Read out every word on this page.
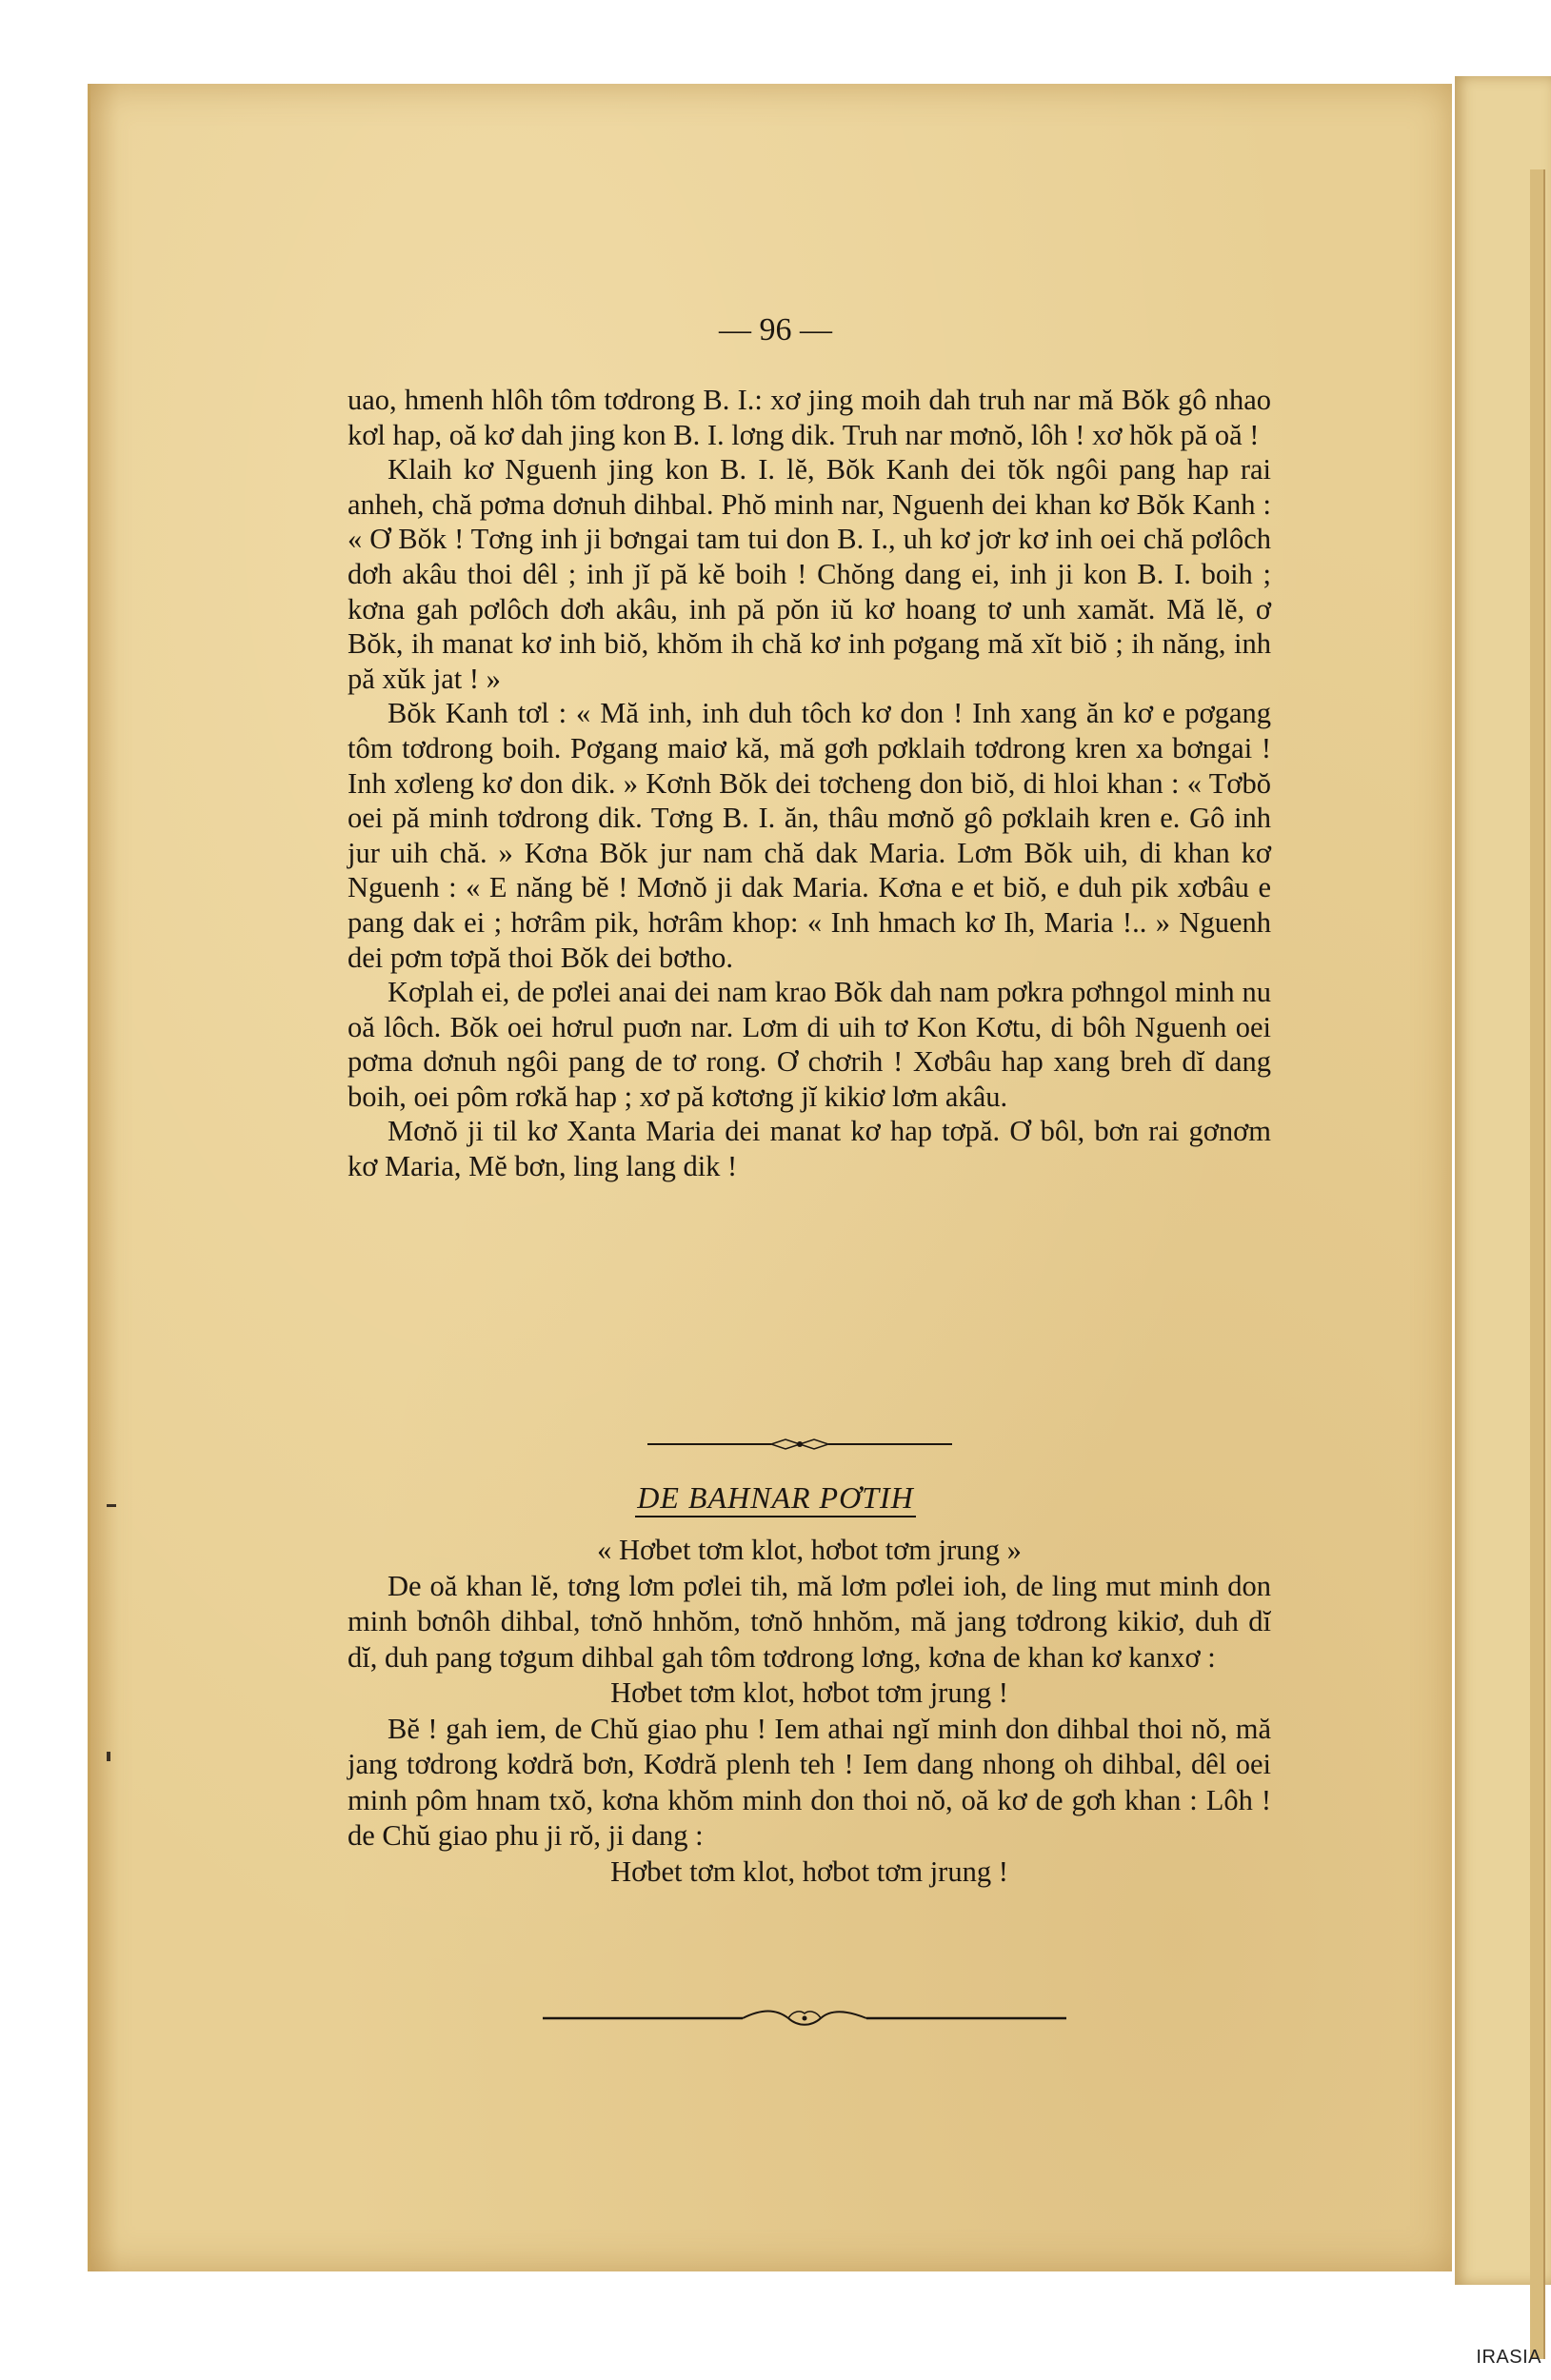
— 96 —

uao, hmenh hlôh tôm tơdrong B. I.: xơ jing moih dah truh nar mă Bŏk gô nhao kơl hap, oă kơ dah jing kon B. I. lơng dik. Truh nar mơnŏ, lôh ! xơ hŏk pă oă !

Klaih kơ Nguenh jing kon B. I. lĕ, Bŏk Kanh dei tŏk ngôi pang hap rai anheh, chă pơma dơnuh dihbal. Phŏ minh nar, Nguenh dei khan kơ Bŏk Kanh : « Ơ Bŏk ! Tơng inh ji bơngai tam tui don B. I., uh kơ jơr kơ inh oei chă pơlôch dơh akâu thoi dêl ; inh jĭ pă kĕ boih ! Chŏng dang ei, inh ji kon B. I. boih ; kơna gah pơlôch dơh akâu, inh pă pŏn iŭ kơ hoang tơ unh xamăt. Mă lĕ, ơ Bŏk, ih manat kơ inh biŏ, khŏm ih chă kơ inh pơgang mă xĭt biŏ ; ih năng, inh pă xŭk jat ! »

Bŏk Kanh tơl : « Mă inh, inh duh tôch kơ don ! Inh xang ăn kơ e pơgang tôm tơdrong boih. Pơgang maiơ kă, mă gơh pơklaih tơdrong kren xa bơngai ! Inh xơleng kơ don dik. » Kơnh Bŏk dei tơcheng don biŏ, di hloi khan : « Tơbŏ oei pă minh tơdrong dik. Tơng B. I. ăn, thâu mơnŏ gô pơklaih kren e. Gô inh jur uih chă. » Kơna Bŏk jur nam chă dak Maria. Lơm Bŏk uih, di khan kơ Nguenh : « E năng bĕ ! Mơnŏ ji dak Maria. Kơna e et biŏ, e duh pik xơbâu e pang dak ei ; hơrâm pik, hơrâm khop: « Inh hmach kơ Ih, Maria !.. » Nguenh dei pơm tơpă thoi Bŏk dei bơtho.

Kơplah ei, de pơlei anai dei nam krao Bŏk dah nam pơkra pơhngol minh nu oă lôch. Bŏk oei hơrul puơn nar. Lơm di uih tơ Kon Kơtu, di bôh Nguenh oei pơma dơnuh ngôi pang de tơ rong. Ơ chơrih ! Xơbâu hap xang breh dĭ dang boih, oei pôm rơkă hap ; xơ pă kơtơng jĭ kikiơ lơm akâu.

Mơnŏ ji til kơ Xanta Maria dei manat kơ hap tơpă. Ơ bôl, bơn rai gơnơm kơ Maria, Mĕ bơn, ling lang dik !

DE BAHNAR PƠTIH

« Hơbet tơm klot, hơbot tơm jrung »

De oă khan lĕ, tơng lơm pơlei tih, mă lơm pơlei ioh, de ling mut minh don minh bơnôh dihbal, tơnŏ hnhŏm, tơnŏ hnhŏm, mă jang tơdrong kikiơ, duh dĭ dĭ, duh pang tơgum dihbal gah tôm tơdrong lơng, kơna de khan kơ kanxơ :

Hơbet tơm klot, hơbot tơm jrung !

Bĕ ! gah iem, de Chŭ giao phu ! Iem athai ngĭ minh don dihbal thoi nŏ, mă jang tơdrong kơdră bơn, Kơdră plenh teh ! Iem dang nhong oh dihbal, dêl oei minh pôm hnam txŏ, kơna khŏm minh don thoi nŏ, oă kơ de gơh khan : Lôh ! de Chŭ giao phu ji rŏ, ji dang :

Hơbet tơm klot, hơbot tơm jrung !

IRASIA
